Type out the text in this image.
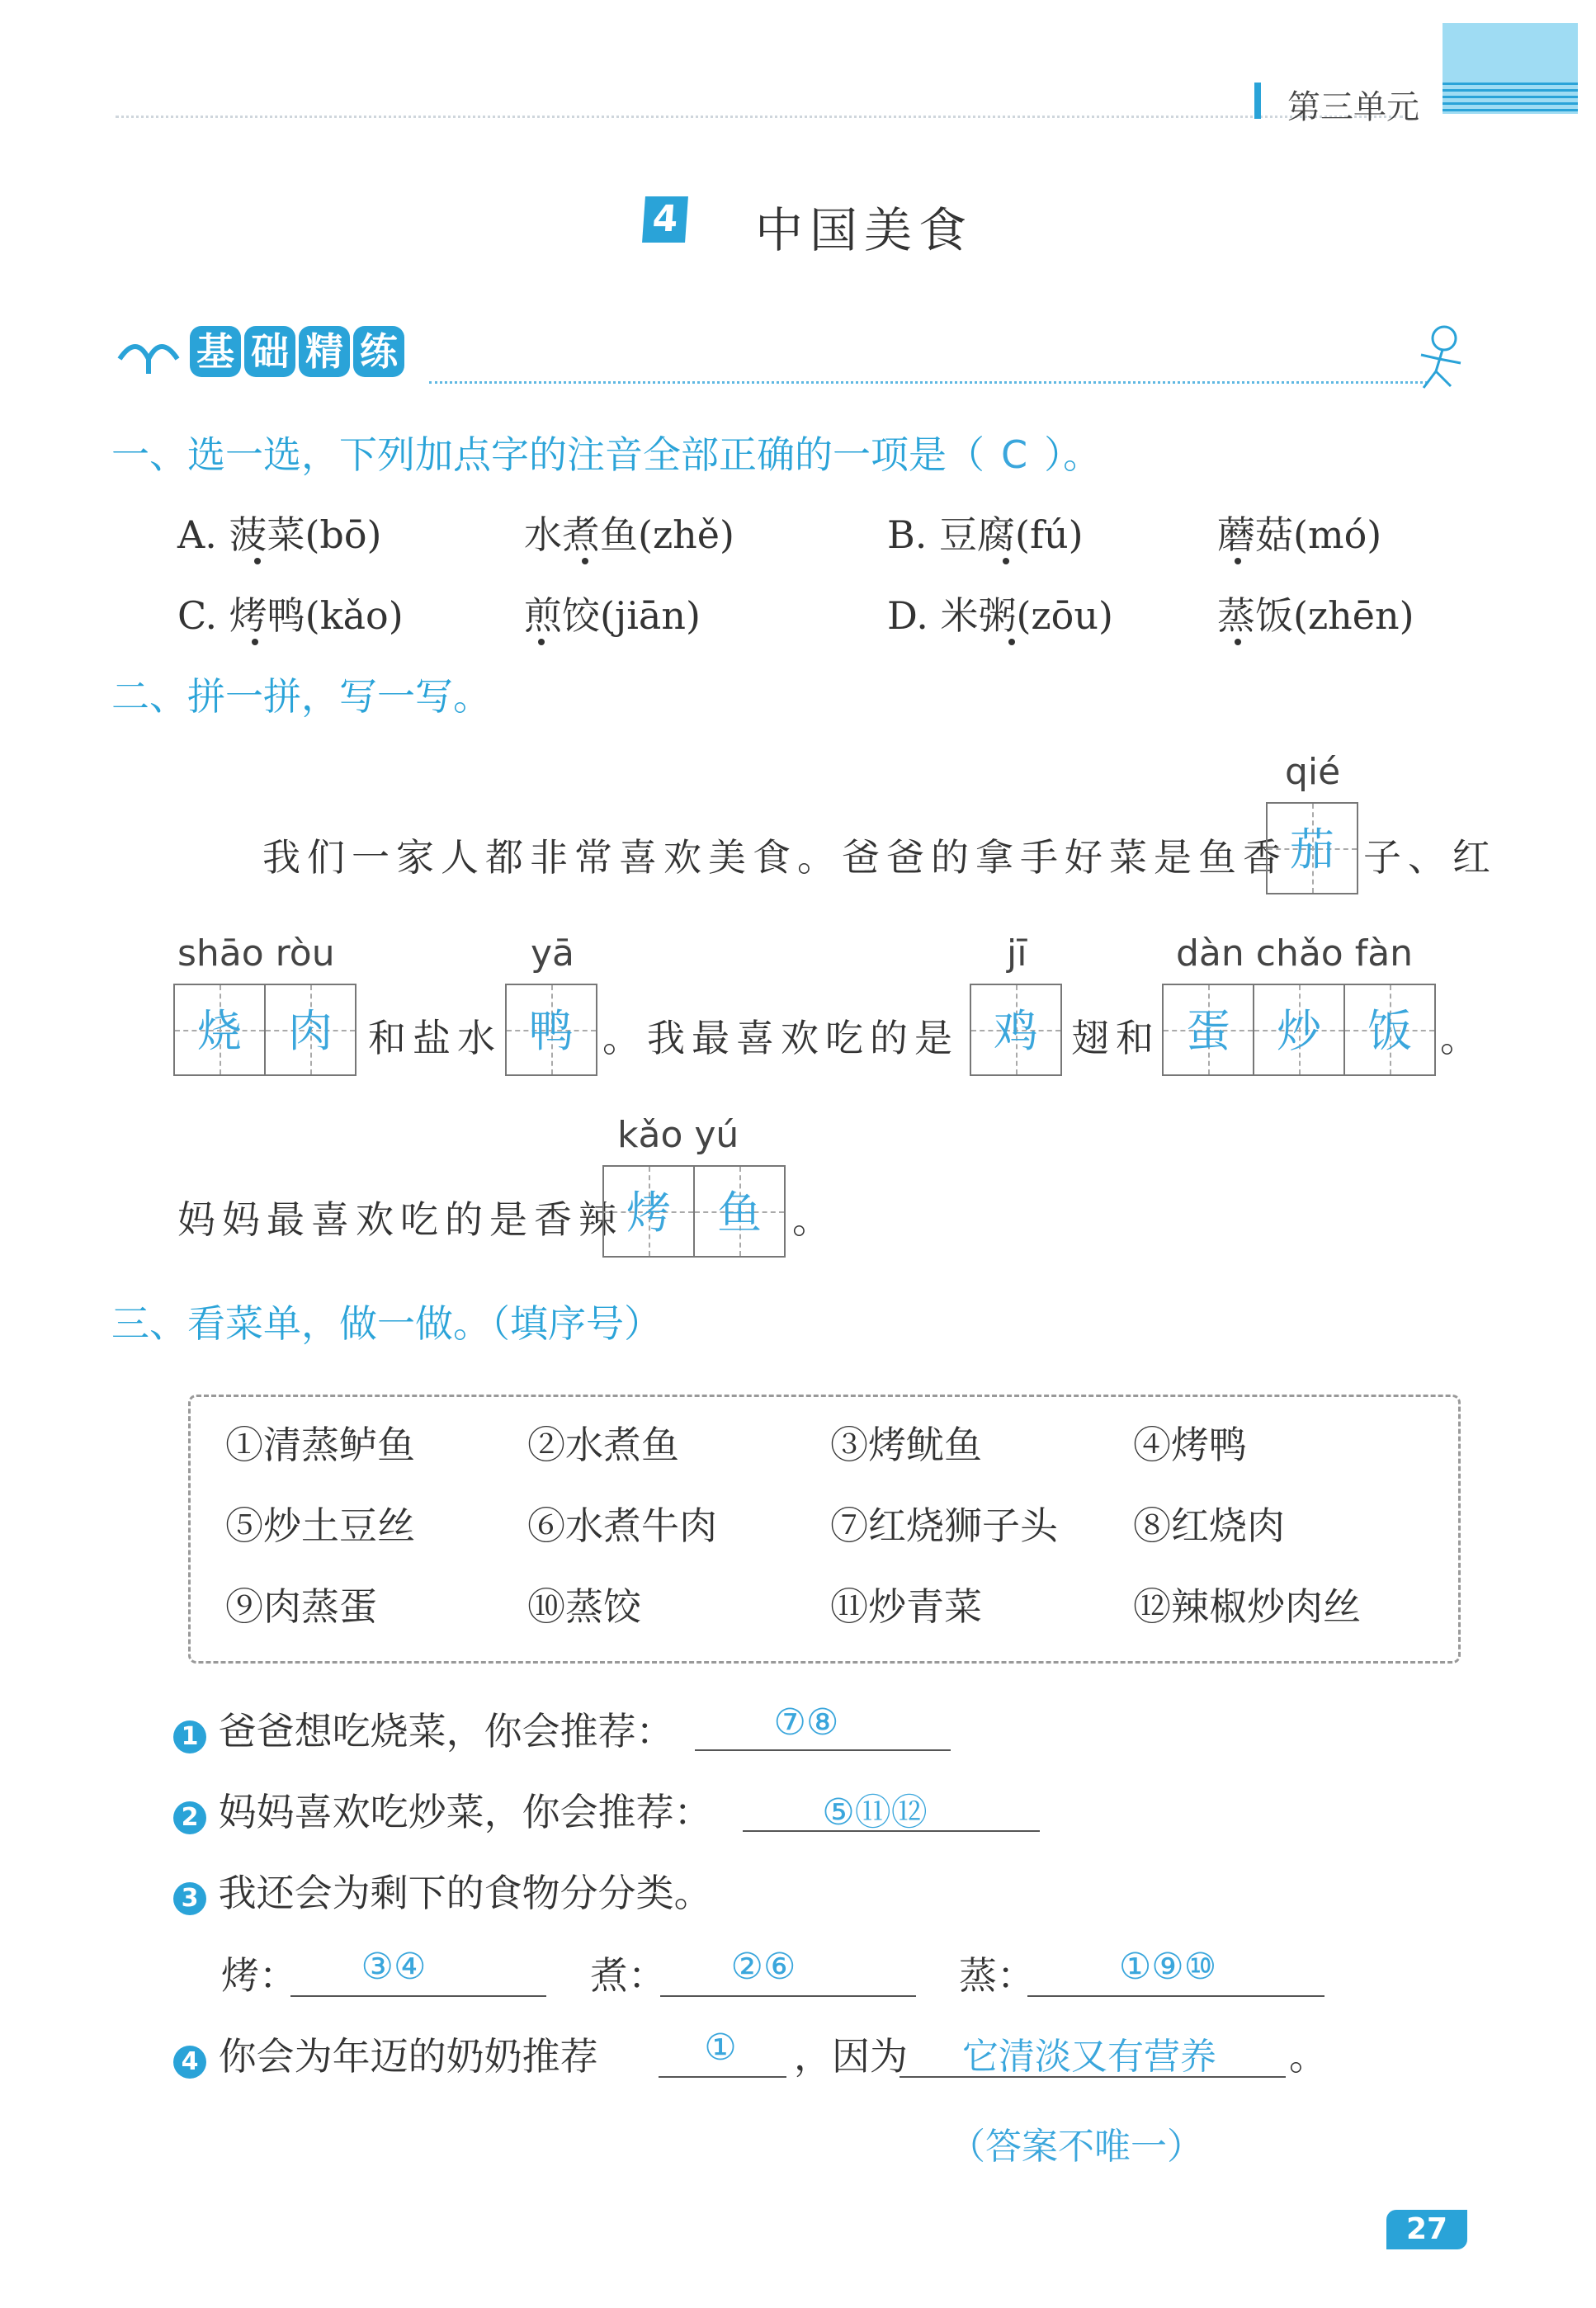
第三单元
4 中国美食
基 础 精 练
一、选一选，下列加点字的注音全部正确的一项是（ C ）。
A. 菠菜(bō)	水煮鱼(zhě)	B. 豆腐(fú)	蘑菇(mó)
C. 烤鸭(kǎo)	煎饺(jiān)	D. 米粥(zōu)	蒸饭(zhēn)
二、拼一拼，写一写。
qié
我们一家人都非常喜欢美食。爸爸的拿手好菜是鱼香 茄 子、红
shāo ròu	yā	jī	dàn chǎo fàn
烧	肉 和盐水 鸭 。我最喜欢吃的是 鸡 翅和 蛋	炒	饭 。
kǎo yú
妈妈最喜欢吃的是香辣 烤	鱼 。
三、看菜单，做一做。（填序号）
①清蒸鲈鱼	②水煮鱼	③烤鱿鱼	④烤鸭
⑤炒土豆丝	⑥水煮牛肉	⑦红烧狮子头 ⑧红烧肉
⑨肉蒸蛋	⑩蒸饺	⑪炒青菜	⑫辣椒炒肉丝
1 爸爸想吃烧菜，你会推荐：	⑦⑧
2 妈妈喜欢吃炒菜，你会推荐：	⑤⑪⑫
3 我还会为剩下的食物分分类。
烤：	③④	煮：	②⑥	蒸：	①⑨⑩
4 你会为年迈的奶奶推荐	①	，因为	它清淡又有营养	。
（答案不唯一）
27
